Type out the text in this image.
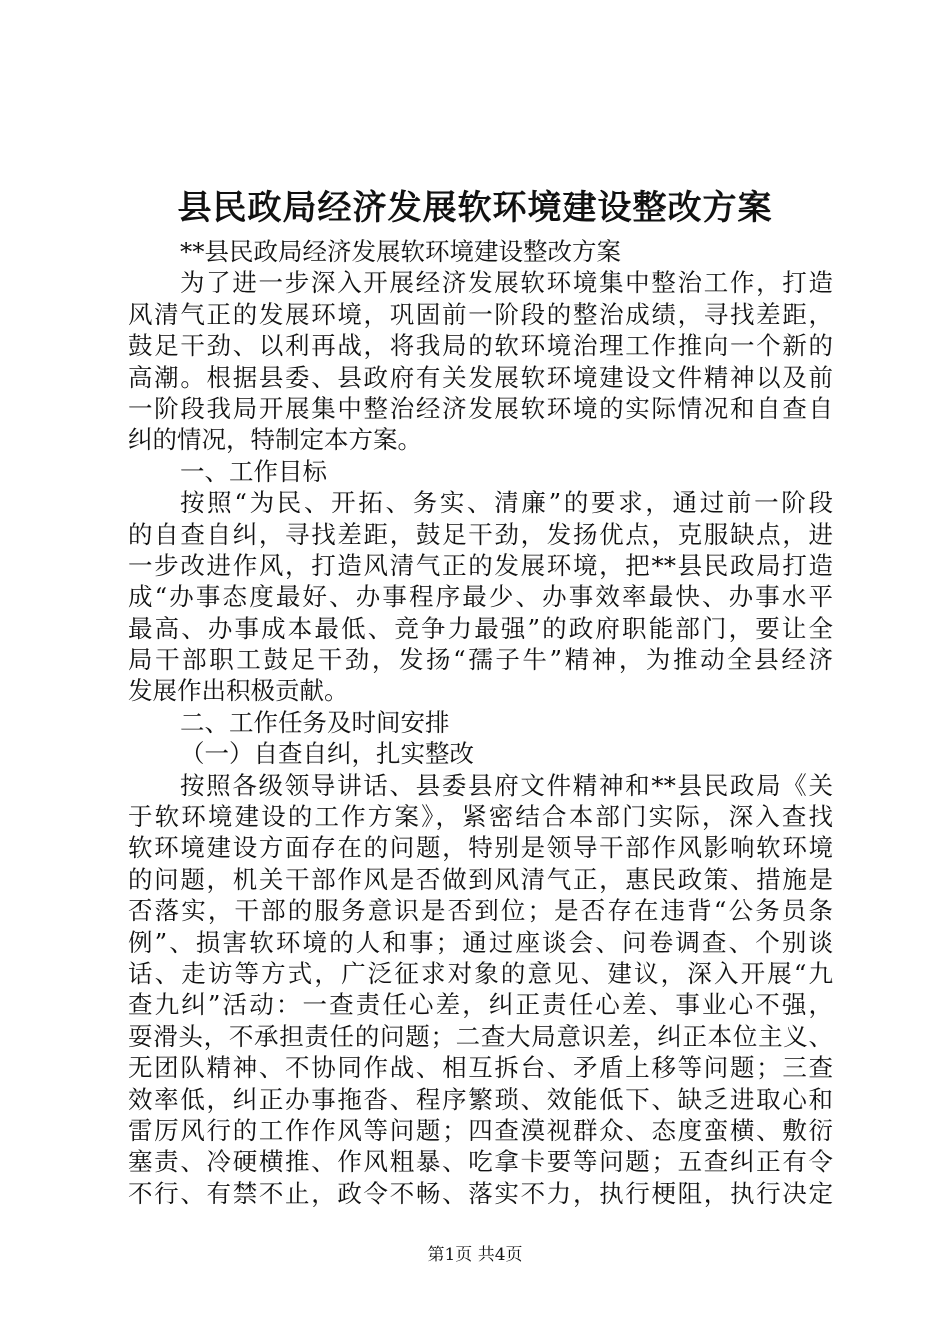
县民政局经济发展软环境建设整改方案
**县民政局经济发展软环境建设整改方案
为了进一步深入开展经济发展软环境集中整治工作，打造
风清气正的发展环境，巩固前一阶段的整治成绩，寻找差距，
鼓足干劲、以利再战，将我局的软环境治理工作推向一个新的
高潮。根据县委、县政府有关发展软环境建设文件精神以及前
一阶段我局开展集中整治经济发展软环境的实际情况和自查自
纠的情况，特制定本方案。
一、工作目标
按照“为民、开拓、务实、清廉”的要求，通过前一阶段
的自查自纠，寻找差距，鼓足干劲，发扬优点，克服缺点，进
一步改进作风，打造风清气正的发展环境，把**县民政局打造
成“办事态度最好、办事程序最少、办事效率最快、办事水平
最高、办事成本最低、竞争力最强”的政府职能部门，要让全
局干部职工鼓足干劲，发扬“孺子牛”精神，为推动全县经济
发展作出积极贡献。
二、工作任务及时间安排
（一）自查自纠，扎实整改
按照各级领导讲话、县委县府文件精神和**县民政局《关
于软环境建设的工作方案》，紧密结合本部门实际，深入查找
软环境建设方面存在的问题，特别是领导干部作风影响软环境
的问题，机关干部作风是否做到风清气正，惠民政策、措施是
否落实，干部的服务意识是否到位；是否存在违背“公务员条
例”、损害软环境的人和事；通过座谈会、问卷调查、个别谈
话、走访等方式，广泛征求对象的意见、建议，深入开展“九
查九纠”活动：一查责任心差，纠正责任心差、事业心不强，
耍滑头，不承担责任的问题；二查大局意识差，纠正本位主义、
无团队精神、不协同作战、相互拆台、矛盾上移等问题；三查
效率低，纠正办事拖沓、程序繁琐、效能低下、缺乏进取心和
雷厉风行的工作作风等问题；四查漠视群众、态度蛮横、敷衍
塞责、冷硬横推、作风粗暴、吃拿卡要等问题；五查纠正有令
不行、有禁不止，政令不畅、落实不力，执行梗阻，执行决定
第1页 共4页
